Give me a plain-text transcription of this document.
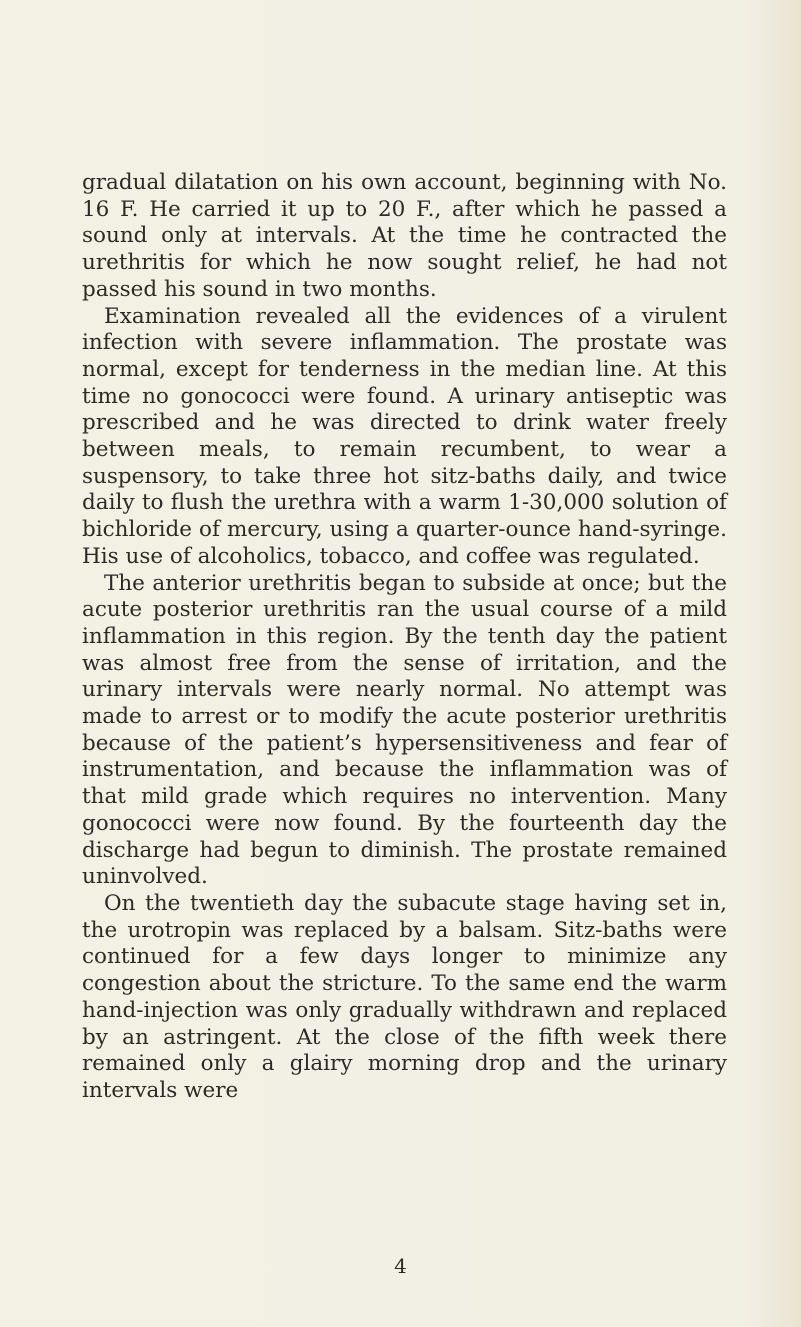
gradual dilatation on his own account, beginning with No. 16 F. He carried it up to 20 F., after which he passed a sound only at intervals. At the time he contracted the urethritis for which he now sought relief, he had not passed his sound in two months.

Examination revealed all the evidences of a virulent infection with severe inflammation. The prostate was normal, except for tenderness in the median line. At this time no gonococci were found. A urinary antiseptic was prescribed and he was directed to drink water freely between meals, to remain recumbent, to wear a suspensory, to take three hot sitz-baths daily, and twice daily to flush the urethra with a warm 1-30,000 solution of bichloride of mercury, using a quarter-ounce hand-syringe. His use of alcoholics, tobacco, and coffee was regulated.

The anterior urethritis began to subside at once; but the acute posterior urethritis ran the usual course of a mild inflammation in this region. By the tenth day the patient was almost free from the sense of irritation, and the urinary intervals were nearly normal. No attempt was made to arrest or to modify the acute posterior urethritis because of the patient’s hypersensitiveness and fear of instrumentation, and because the inflammation was of that mild grade which requires no intervention. Many gonococci were now found. By the fourteenth day the discharge had begun to diminish. The prostate remained uninvolved.

On the twentieth day the subacute stage having set in, the urotropin was replaced by a balsam. Sitz-baths were continued for a few days longer to minimize any congestion about the stricture. To the same end the warm hand-injection was only gradually withdrawn and replaced by an astringent. At the close of the fifth week there remained only a glairy morning drop and the urinary intervals were

4
